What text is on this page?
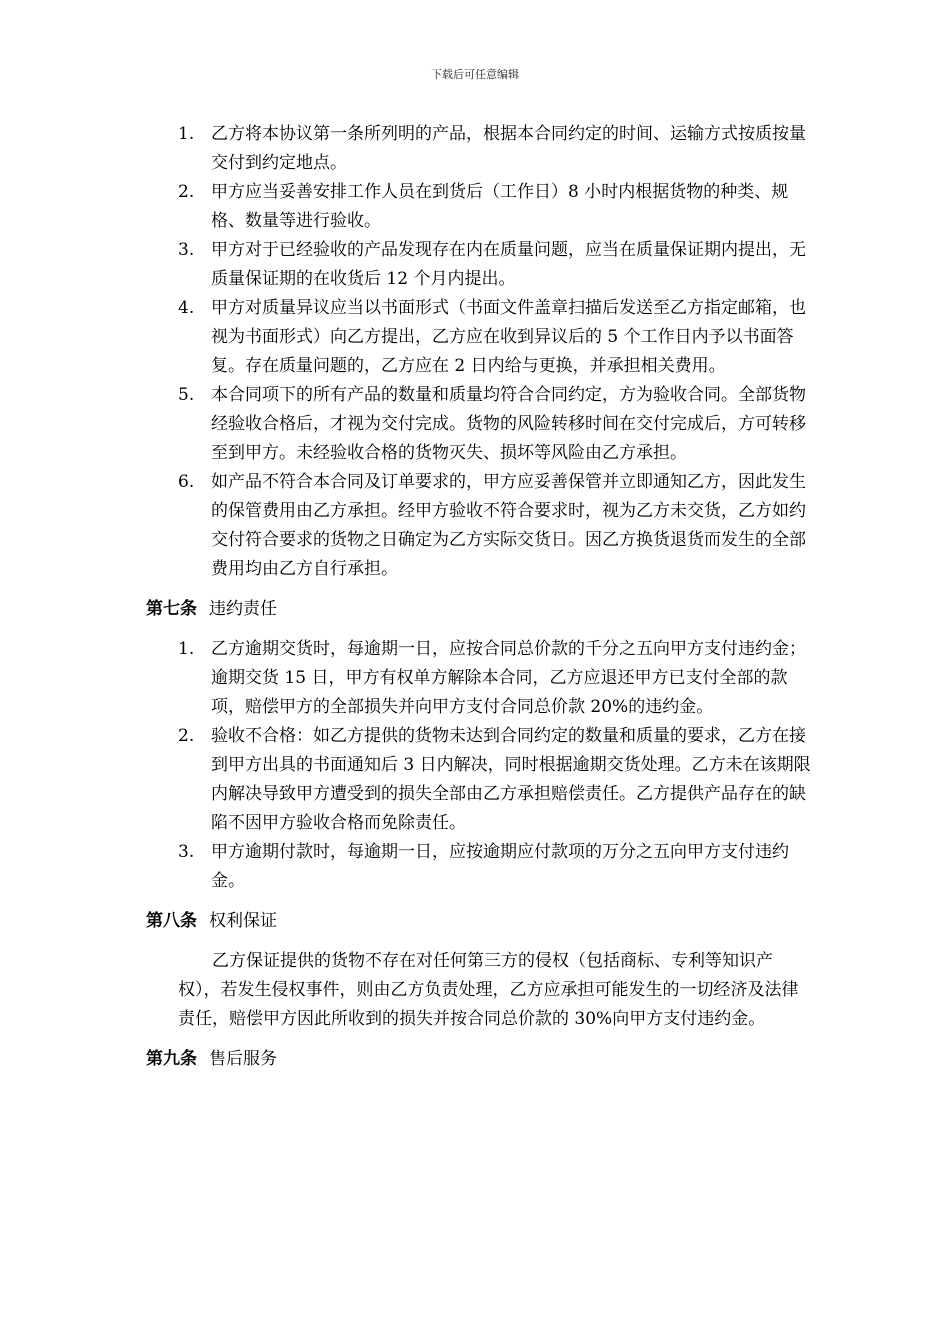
下载后可任意编辑
1. 乙方将本协议第一条所列明的产品，根据本合同约定的时间、运输方式按质按量交付到约定地点。
2. 甲方应当妥善安排工作人员在到货后（工作日）8 小时内根据货物的种类、规格、数量等进行验收。
3. 甲方对于已经验收的产品发现存在内在质量问题，应当在质量保证期内提出，无质量保证期的在收货后 12 个月内提出。
4. 甲方对质量异议应当以书面形式（书面文件盖章扫描后发送至乙方指定邮箱，也视为书面形式）向乙方提出，乙方应在收到异议后的 5 个工作日内予以书面答复。存在质量问题的，乙方应在 2 日内给与更换，并承担相关费用。
5. 本合同项下的所有产品的数量和质量均符合合同约定，方为验收合同。全部货物经验收合格后，才视为交付完成。货物的风险转移时间在交付完成后，方可转移至到甲方。未经验收合格的货物灭失、损坏等风险由乙方承担。
6. 如产品不符合本合同及订单要求的，甲方应妥善保管并立即通知乙方，因此发生的保管费用由乙方承担。经甲方验收不符合要求时，视为乙方未交货，乙方如约交付符合要求的货物之日确定为乙方实际交货日。因乙方换货退货而发生的全部费用均由乙方自行承担。
第七条 违约责任
1. 乙方逾期交货时，每逾期一日，应按合同总价款的千分之五向甲方支付违约金；逾期交货 15 日，甲方有权单方解除本合同，乙方应退还甲方已支付全部的款项，赔偿甲方的全部损失并向甲方支付合同总价款 20%的违约金。
2. 验收不合格：如乙方提供的货物未达到合同约定的数量和质量的要求，乙方在接到甲方出具的书面通知后 3 日内解决，同时根据逾期交货处理。乙方未在该期限内解决导致甲方遭受到的损失全部由乙方承担赔偿责任。乙方提供产品存在的缺陷不因甲方验收合格而免除责任。
3. 甲方逾期付款时，每逾期一日，应按逾期应付款项的万分之五向甲方支付违约金。
第八条 权利保证
乙方保证提供的货物不存在对任何第三方的侵权（包括商标、专利等知识产权），若发生侵权事件，则由乙方负责处理，乙方应承担可能发生的一切经济及法律责任，赔偿甲方因此所收到的损失并按合同总价款的 30%向甲方支付违约金。
第九条 售后服务
